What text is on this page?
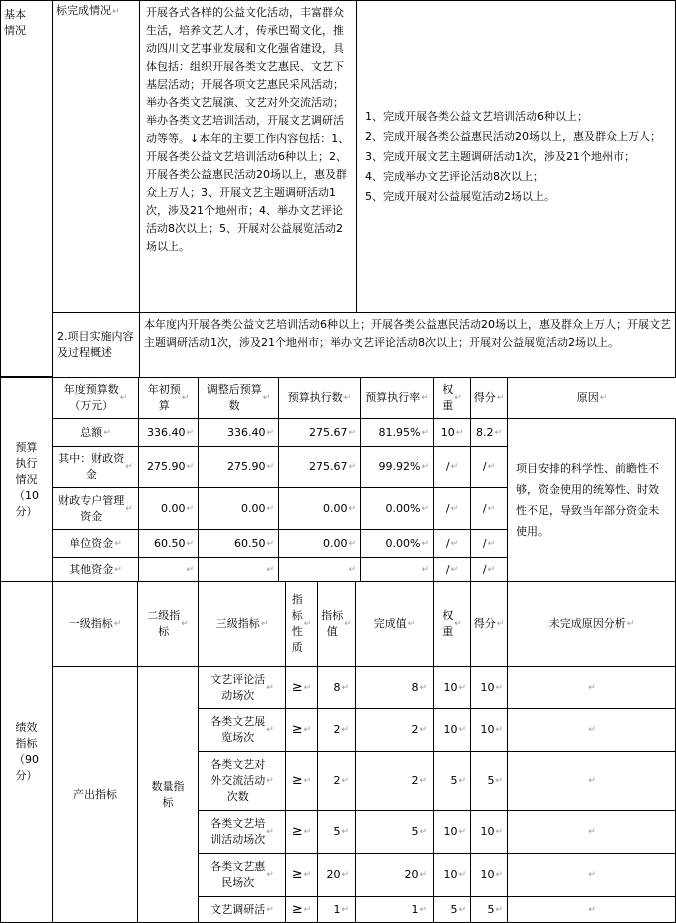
基本
情况
标完成情况↵	开展各式各样的公益文化活动，丰富群众生活，培养文艺人才，传承巴蜀文化，推动四川文艺事业发展和文化强省建设，具体包括：组织开展各类文艺惠民、文艺下基层活动；开展各项文艺惠民采风活动；举办各类文艺展演、文艺对外交流活动；举办各类文艺培训活动，开展文艺调研活动等等。↓本年的主要工作内容包括：1、开展各类公益文艺培训活动6种以上；2、开展各类公益惠民活动20场以上，惠及群众上万人；3、开展文艺主题调研活动1次，涉及21个地州市；4、举办文艺评论活动8次以上；5、开展对公益展览活动2场以上。
1、完成开展各类公益文艺培训活动6种以上；
2、完成开展各类公益惠民活动20场以上，惠及群众上万人；
3、完成开展文艺主题调研活动1次，涉及21个地州市；
4、完成举办文艺评论活动8次以上；
5、完成开展对公益展览活动2场以上。
2.项目实施内容及过程概述
本年度内开展各类公益文艺培训活动6种以上；开展各类公益惠民活动20场以上，惠及群众上万人；开展文艺主题调研活动1次，涉及21个地州市；举办文艺评论活动8次以上；开展对公益展览活动2场以上。
预算
执行
情况
（10
分）
年度预算数
（万元）
↵
年初预
算
↵
调整后预算
数
↵ 预算执行数 ↵ 预算执行率 ↵
权
重
↵ 得分 ↵	原因 ↵
总额 ↵	336.40 ↵	336.40 ↵	275.67 ↵ 81.95% ↵ 10 ↵ 8.2 ↵
其中：财政资
金
↵ 275.90 ↵	275.90 ↵	275.67 ↵ 99.92% ↵ / ↵ / ↵
财政专户管理
资金
↵	0.00 ↵	0.00 ↵	0.00 ↵	0.00% ↵ / ↵ / ↵
单位资金 ↵	60.50 ↵	60.50 ↵	0.00 ↵	0.00% ↵ / ↵ / ↵
其他资金 ↵	↵	↵	↵	↵ / ↵ / ↵
项目安排的科学性、前瞻性不够，资金使用的统筹性、时效性不足，导致当年部分资金未使用。
绩效
指标
（90
分）
一级指标 ↵
二级指
标
↵ 三级指标 ↵
指
标
性
质
↵
指标
值
↵ 完成值 ↵
权
重
↵ 得分 ↵	未完成原因分析 ↵
文艺评论活
动场次
↵ ≥ ↵ 8 ↵	8 ↵ 10 ↵ 10 ↵	↵
各类文艺展
览场次
↵ ≥ ↵ 2 ↵	2 ↵ 10 ↵ 10 ↵	↵
各类文艺对
外交流活动
次数
↵ ≥ ↵ 2 ↵	2 ↵ 5 ↵ 5 ↵	↵
各类文艺培
训活动场次
↵ ≥ ↵ 5 ↵	5 ↵ 10 ↵ 10 ↵	↵
各类文艺惠
民场次
↵ ≥ ↵ 20 ↵	20 ↵ 10 ↵ 10 ↵	↵
文艺调研活 ↵ ≥ ↵ 1 ↵	1 ↵ 5 ↵ 5 ↵	↵
产出指标
数量指
标
